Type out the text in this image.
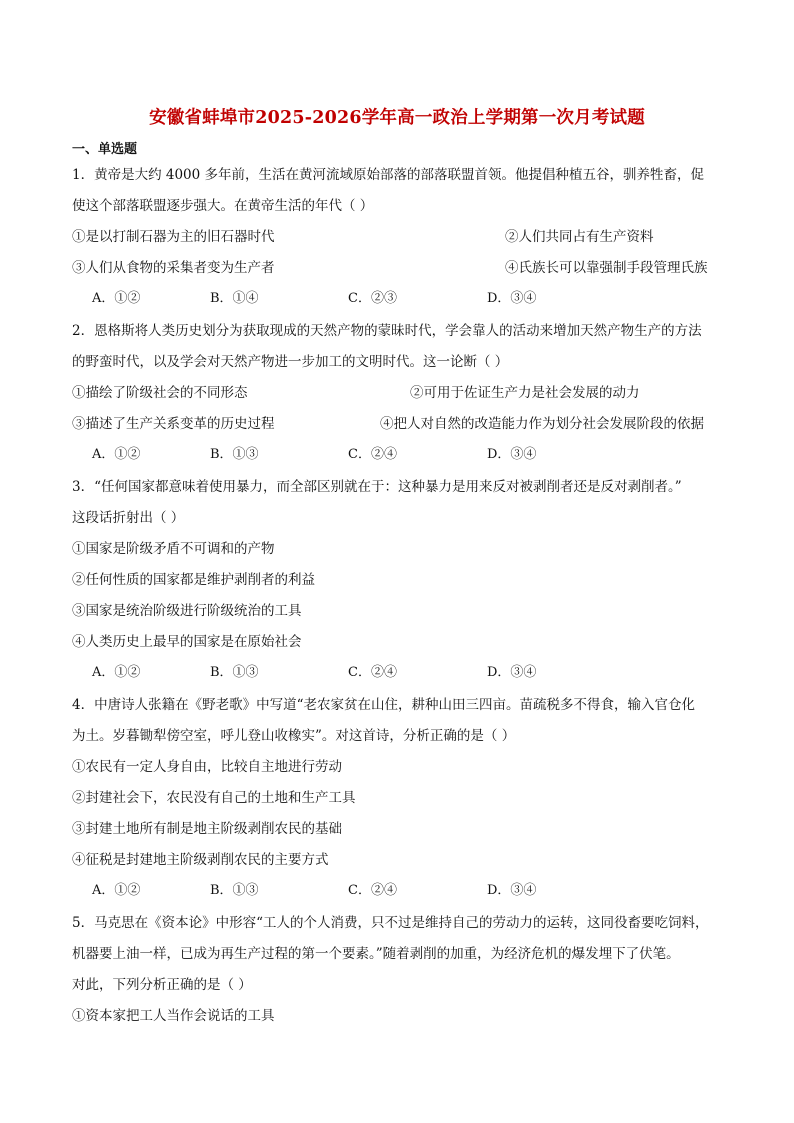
安徽省蚌埠市2025-2026学年高一政治上学期第一次月考试题
一、单选题
1．黄帝是大约 4000 多年前，生活在黄河流域原始部落的部落联盟首领。他提倡种植五谷，驯养牲畜，促
使这个部落联盟逐步强大。在黄帝生活的年代（ ）
①是以打制石器为主的旧石器时代	②人们共同占有生产资料
③人们从食物的采集者变为生产者	④氏族长可以靠强制手段管理氏族
A．①②	B．①④	C．②③	D．③④
2．恩格斯将人类历史划分为获取现成的天然产物的蒙昧时代，学会靠人的活动来增加天然产物生产的方法
的野蛮时代，以及学会对天然产物进一步加工的文明时代。这一论断（ ）
①描绘了阶级社会的不同形态	②可用于佐证生产力是社会发展的动力
③描述了生产关系变革的历史过程	④把人对自然的改造能力作为划分社会发展阶段的依据
A．①②	B．①③	C．②④	D．③④
3．“任何国家都意味着使用暴力，而全部区别就在于：这种暴力是用来反对被剥削者还是反对剥削者。”
这段话折射出（ ）
①国家是阶级矛盾不可调和的产物
②任何性质的国家都是维护剥削者的利益
③国家是统治阶级进行阶级统治的工具
④人类历史上最早的国家是在原始社会
A．①②	B．①③	C．②④	D．③④
4．中唐诗人张籍在《野老歌》中写道“老农家贫在山住，耕种山田三四亩。苗疏税多不得食，输入官仓化
为土。岁暮锄犁傍空室，呼儿登山收橡实”。对这首诗，分析正确的是（ ）
①农民有一定人身自由，比较自主地进行劳动
②封建社会下，农民没有自己的土地和生产工具
③封建土地所有制是地主阶级剥削农民的基础
④征税是封建地主阶级剥削农民的主要方式
A．①②	B．①③	C．②④	D．③④
5．马克思在《资本论》中形容“工人的个人消费，只不过是维持自己的劳动力的运转，这同役畜要吃饲料，
机器要上油一样，已成为再生产过程的第一个要素。”随着剥削的加重，为经济危机的爆发埋下了伏笔。
对此，下列分析正确的是（ ）
①资本家把工人当作会说话的工具
